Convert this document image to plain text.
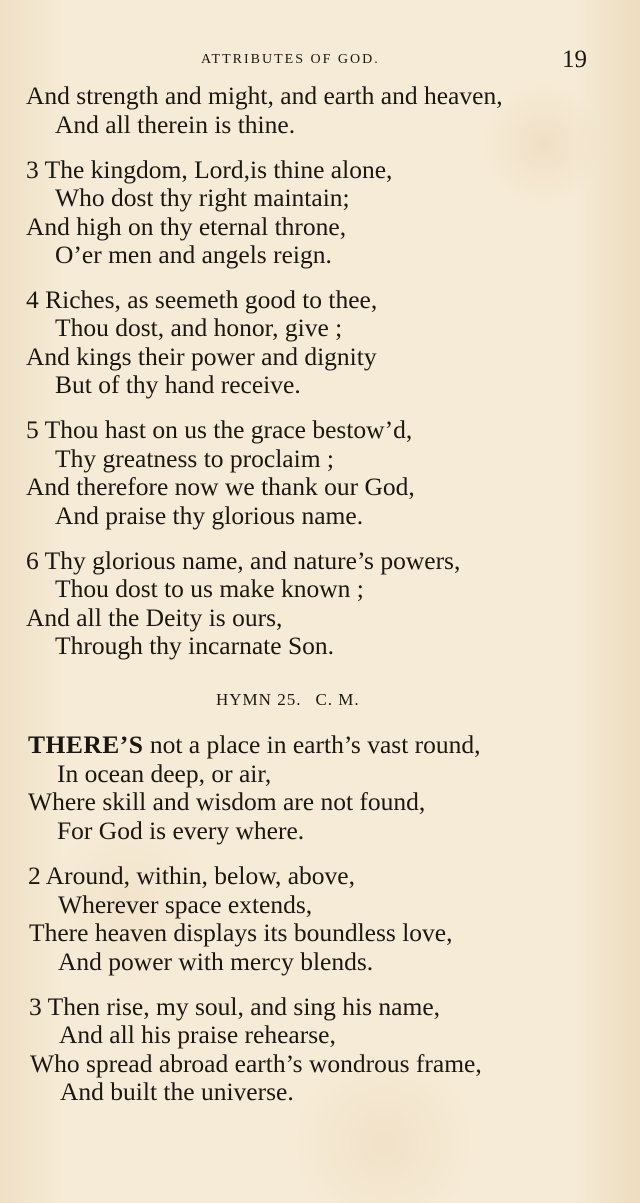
ATTRIBUTES OF GOD.	19
And strength and might, and earth and heaven,
And all therein is thine.
3 The kingdom, Lord,is thine alone,
Who dost thy right maintain;
And high on thy eternal throne,
O’er men and angels reign.
4 Riches, as seemeth good to thee,
Thou dost, and honor, give ;
And kings their power and dignity
But of thy hand receive.
5 Thou hast on us the grace bestow’d,
Thy greatness to proclaim ;
And therefore now we thank our God,
And praise thy glorious name.
6 Thy glorious name, and nature’s powers,
Thou dost to us make known ;
And all the Deity is ours,
Through thy incarnate Son.
HYMN 25. C. M.
THERE’S not a place in earth’s vast round,
In ocean deep, or air,
Where skill and wisdom are not found,
For God is every where.
2 Around, within, below, above,
Wherever space extends,
There heaven displays its boundless love,
And power with mercy blends.
3 Then rise, my soul, and sing his name,
And all his praise rehearse,
Who spread abroad earth’s wondrous frame,
And built the universe.
